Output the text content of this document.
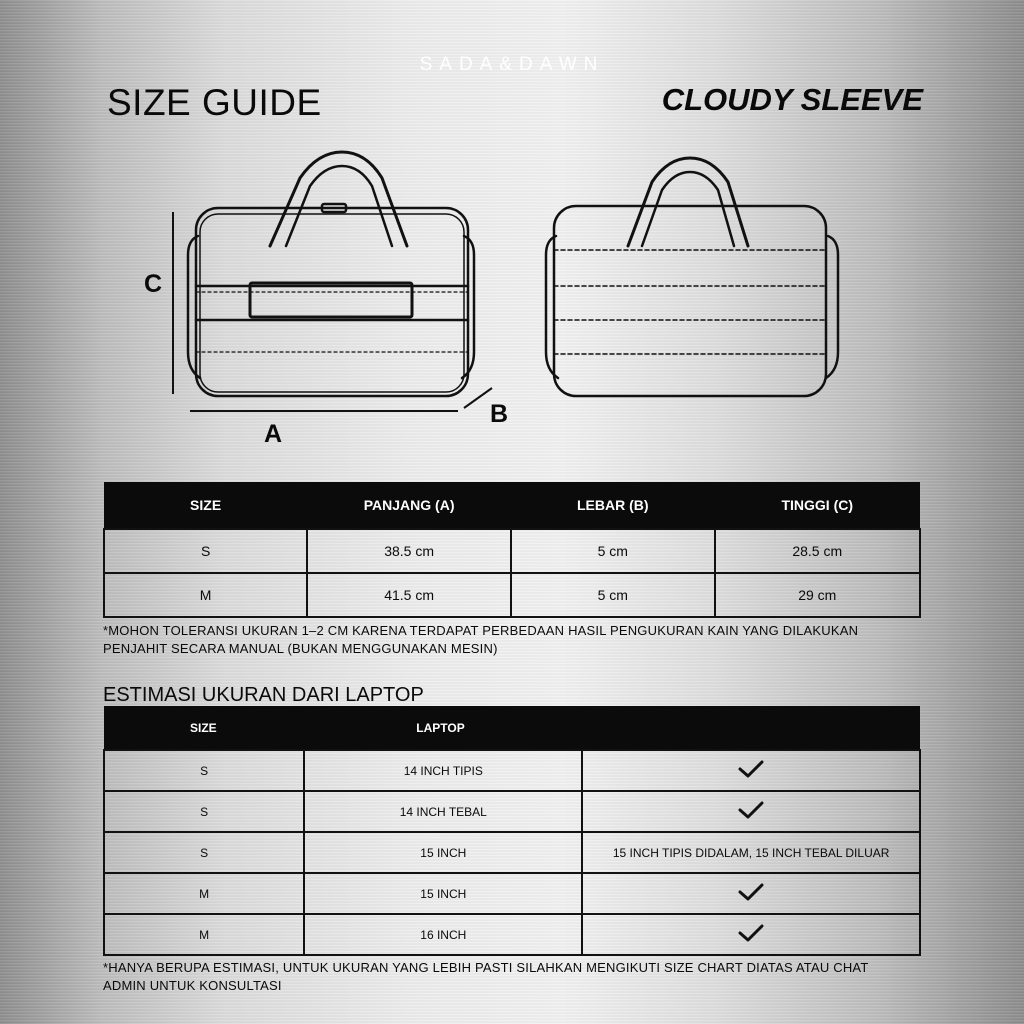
SADA&DAWN
SIZE GUIDE	CLOUDY SLEEVE
C
A
B
SIZE	PANJANG (A)	LEBAR (B)	TINGGI (C)
S	38.5 cm	5 cm	28.5 cm
M	41.5 cm	5 cm	29 cm
*MOHON TOLERANSI UKURAN 1–2 CM KARENA TERDAPAT PERBEDAAN HASIL PENGUKURAN KAIN YANG DILAKUKAN
PENJAHIT SECARA MANUAL (BUKAN MENGGUNAKAN MESIN)
ESTIMASI UKURAN DARI LAPTOP
SIZE	LAPTOP	
S	14 INCH TIPIS	
S	14 INCH TEBAL	
S	15 INCH	15 INCH TIPIS DIDALAM, 15 INCH TEBAL DILUAR
M	15 INCH	
M	16 INCH	
*HANYA BERUPA ESTIMASI, UNTUK UKURAN YANG LEBIH PASTI SILAHKAN MENGIKUTI SIZE CHART DIATAS ATAU CHAT
ADMIN UNTUK KONSULTASI
